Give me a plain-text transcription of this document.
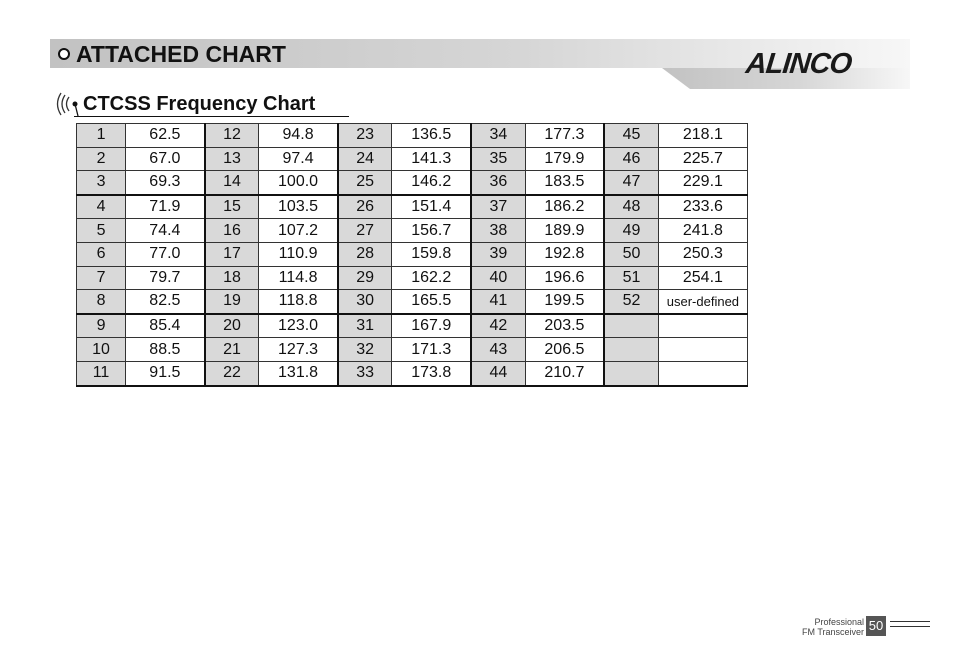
ATTACHED CHART	ALINCO
CTCSS Frequency Chart
1	62.5	12	94.8	23	136.5	34	177.3	45	218.1
2	67.0	13	97.4	24	141.3	35	179.9	46	225.7
3	69.3	14	100.0	25	146.2	36	183.5	47	229.1
4	71.9	15	103.5	26	151.4	37	186.2	48	233.6
5	74.4	16	107.2	27	156.7	38	189.9	49	241.8
6	77.0	17	110.9	28	159.8	39	192.8	50	250.3
7	79.7	18	114.8	29	162.2	40	196.6	51	254.1
8	82.5	19	118.8	30	165.5	41	199.5	52	user-defined
9	85.4	20	123.0	31	167.9	42	203.5		
10	88.5	21	127.3	32	171.3	43	206.5		
11	91.5	22	131.8	33	173.8	44	210.7		
Professional
FM Transceiver 50
